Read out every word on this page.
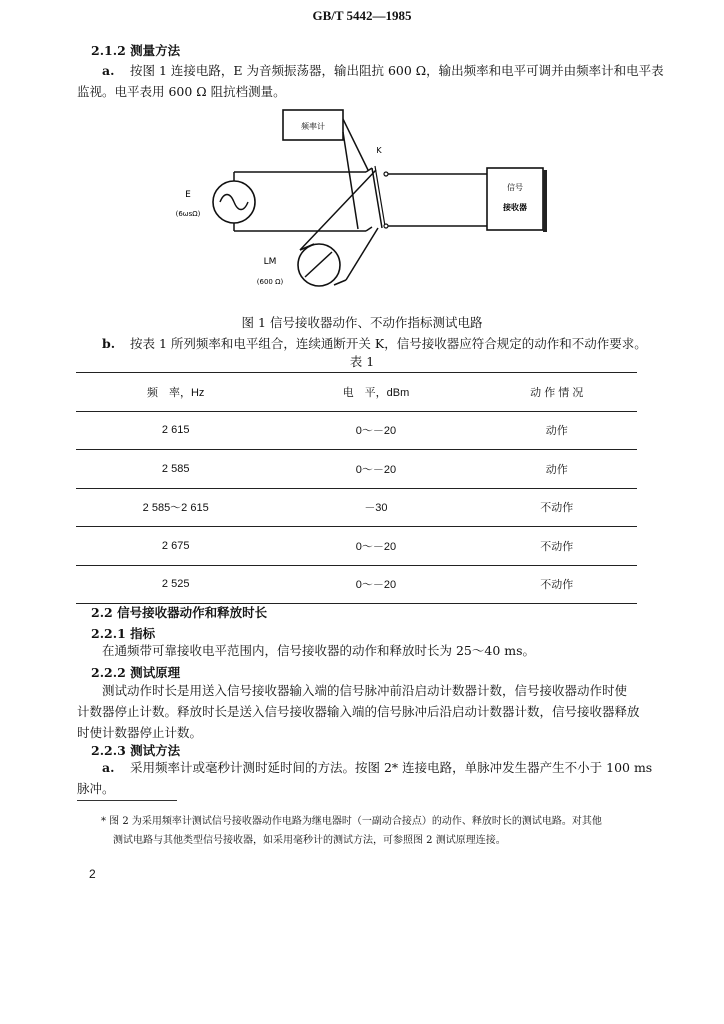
GB/T 5442—1985
2.1.2 测量方法
a. 按图 1 连接电路，E 为音频振荡器，输出阻抗 600 Ω，输出频率和电平可调并由频率计和电平表
监视。电平表用 600 Ω 阻抗档测量。
频率计
E
(6ωsΩ)
LM
(600 Ω)
K
信号
接收器
图 1 信号接收器动作、不动作指标测试电路
b. 按表 1 所列频率和电平组合，连续通断开关 K，信号接收器应符合规定的动作和不动作要求。
表 1
频　率，Hz	电　平，dBm	动 作 情 况
2 615	0～－20	动作
2 585	0～－20	动作
2 585～2 615	－30	不动作
2 675	0～－20	不动作
2 525	0～－20	不动作
2.2 信号接收器动作和释放时长
2.2.1 指标
在通频带可靠接收电平范围内，信号接收器的动作和释放时长为 25～40 ms。
2.2.2 测试原理
测试动作时长是用送入信号接收器输入端的信号脉冲前沿启动计数器计数，信号接收器动作时使
计数器停止计数。释放时长是送入信号接收器输入端的信号脉冲后沿启动计数器计数，信号接收器释放
时使计数器停止计数。
2.2.3 测试方法
a. 采用频率计或毫秒计测时延时间的方法。按图 2* 连接电路，单脉冲发生器产生不小于 100 ms
脉冲。
* 图 2 为采用频率计测试信号接收器动作电路为继电器时（一副动合接点）的动作、释放时长的测试电路。对其他
测试电路与其他类型信号接收器，如采用毫秒计的测试方法，可参照图 2 测试原理连接。
2
